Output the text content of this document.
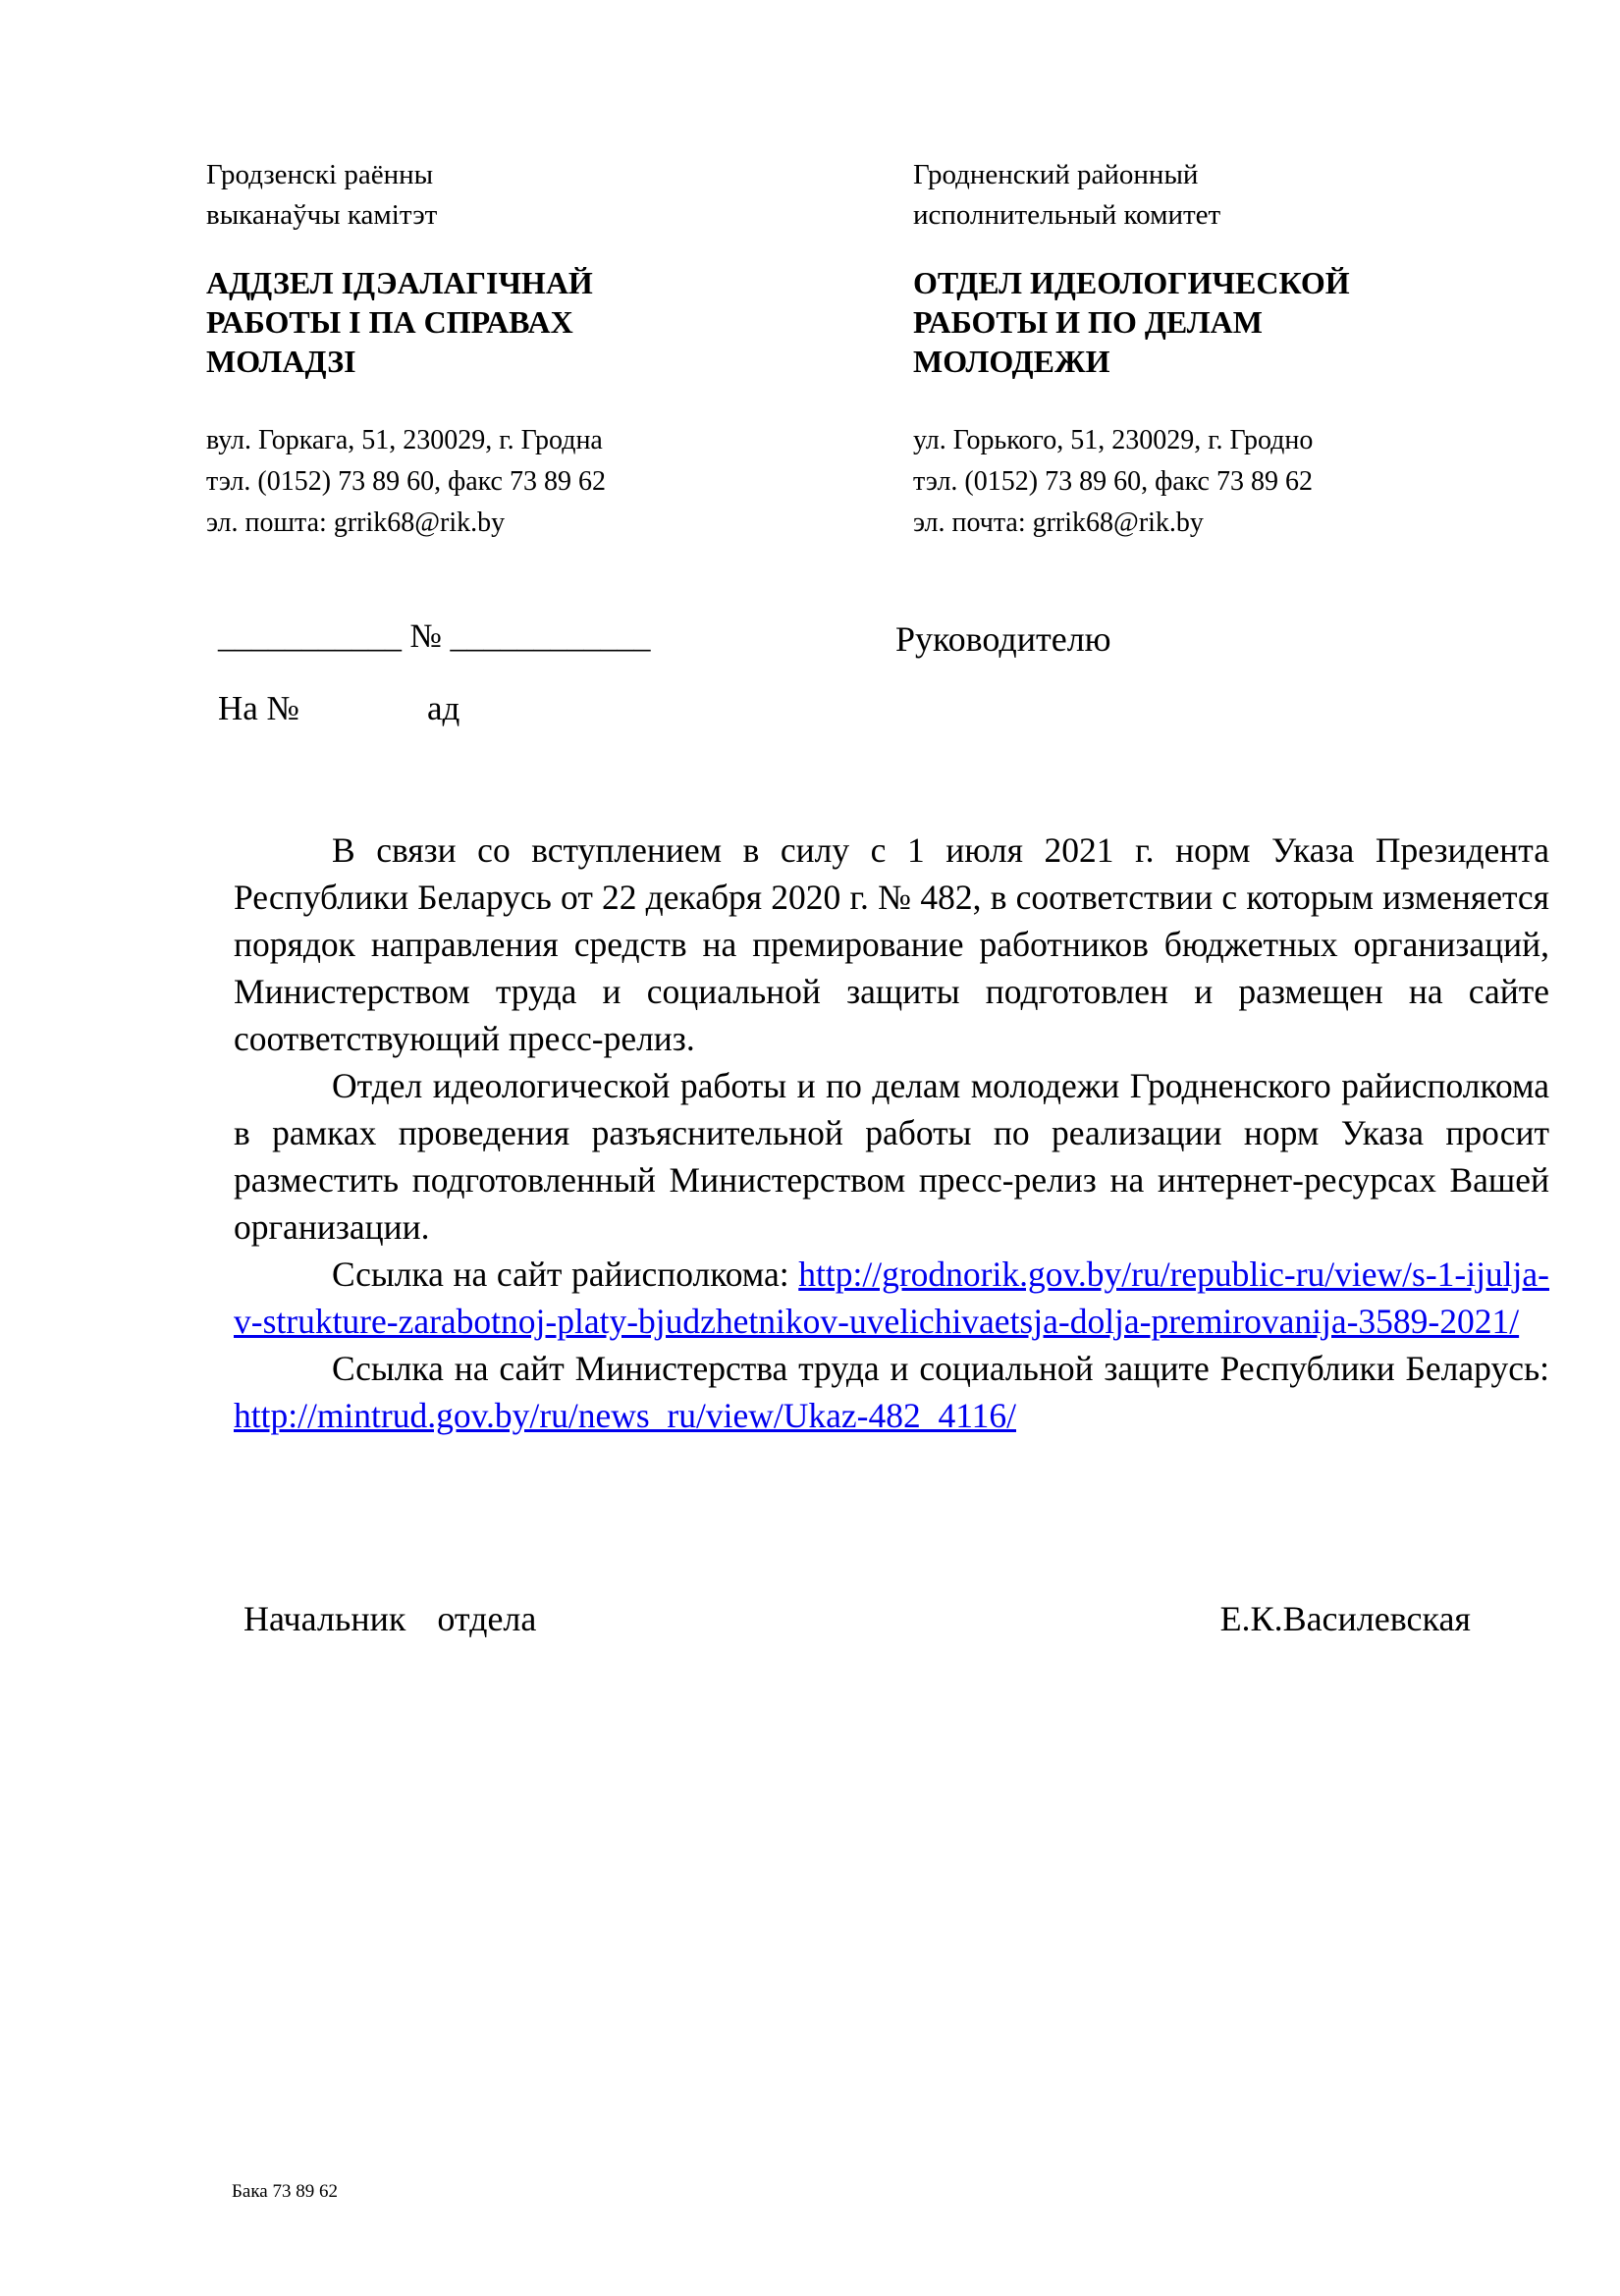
Гродзенскі раённы
выканаўчы камітэт
АДДЗЕЛ ІДЭАЛАГІЧНАЙ
РАБОТЫ І ПА СПРАВАХ
МОЛАДЗІ
вул. Горкага, 51, 230029, г. Гродна
тэл. (0152) 73 89 60, факс 73 89 62
эл. пошта: grrik68@rik.by
Гродненский районный
исполнительный комитет
ОТДЕЛ ИДЕОЛОГИЧЕСКОЙ
РАБОТЫ И ПО ДЕЛАМ
МОЛОДЕЖИ
ул. Горького, 51, 230029, г. Гродно
тэл. (0152) 73 89 60, факс 73 89 62
эл. почта: grrik68@rik.by
___________ № ____________	Руководителю
На №	ад

В связи со вступлением в силу с 1 июля 2021 г. норм Указа Президента Республики Беларусь от 22 декабря 2020 г. № 482, в соответствии с которым изменяется порядок направления средств на премирование работников бюджетных организаций, Министерством труда и социальной защиты подготовлен и размещен на сайте соответствующий пресс-релиз.

Отдел идеологической работы и по делам молодежи Гродненского райисполкома в рамках проведения разъяснительной работы по реализации норм Указа просит разместить подготовленный Министерством пресс-релиз на интернет-ресурсах Вашей организации.

Ссылка на сайт райисполкома: http://grodnorik.gov.by/ru/republic-ru/view/s-1-ijulja-v-strukture-zarabotnoj-platy-bjudzhetnikov-uvelichivaetsja-dolja-premirovanija-3589-2021/

Ссылка на сайт Министерства труда и социальной защите Республики Беларусь: http://mintrud.gov.by/ru/news_ru/view/Ukaz-482_4116/

Начальник отдела	Е.К.Василевская
Бака 73 89 62
